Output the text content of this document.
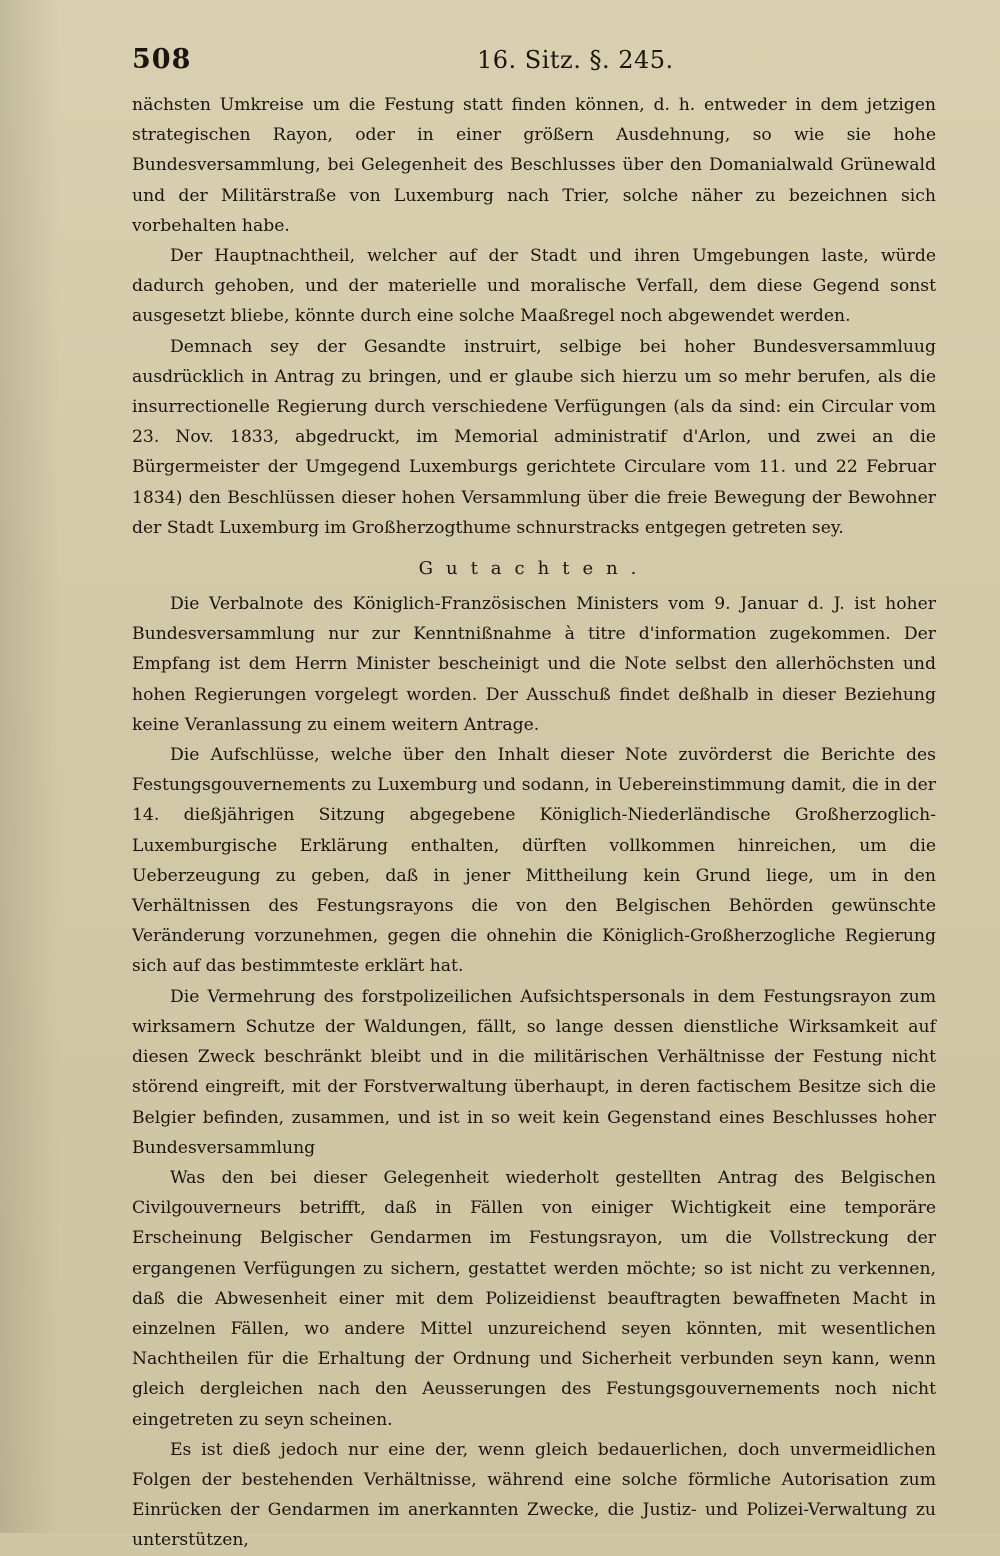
508	16. Sitz. §. 245.

nächsten Umkreise um die Festung statt finden können, d. h. entweder in dem jetzigen strategischen Rayon, oder in einer größern Ausdehnung, so wie sie hohe Bundesversammlung, bei Gelegenheit des Beschlusses über den Domanialwald Grünewald und der Militärstraße von Luxemburg nach Trier, solche näher zu bezeichnen sich vorbehalten habe.

Der Hauptnachtheil, welcher auf der Stadt und ihren Umgebungen laste, würde dadurch gehoben, und der materielle und moralische Verfall, dem diese Gegend sonst ausgesetzt bliebe, könnte durch eine solche Maaßregel noch abgewendet werden.

Demnach sey der Gesandte instruirt, selbige bei hoher Bundesversammluug ausdrücklich in Antrag zu bringen, und er glaube sich hierzu um so mehr berufen, als die insurrectionelle Regierung durch verschiedene Verfügungen (als da sind: ein Circular vom 23. Nov. 1833, abgedruckt, im Memorial administratif d'Arlon, und zwei an die Bürgermeister der Umgegend Luxemburgs gerichtete Circulare vom 11. und 22 Februar 1834) den Beschlüssen dieser hohen Versammlung über die freie Bewegung der Bewohner der Stadt Luxemburg im Großherzogthume schnurstracks entgegen getreten sey.

Gutachten.

Die Verbalnote des Königlich-Französischen Ministers vom 9. Januar d. J. ist hoher Bundesversammlung nur zur Kenntnißnahme à titre d'information zugekommen. Der Empfang ist dem Herrn Minister bescheinigt und die Note selbst den allerhöchsten und hohen Regierungen vorgelegt worden. Der Ausschuß findet deßhalb in dieser Beziehung keine Veranlassung zu einem weitern Antrage.

Die Aufschlüsse, welche über den Inhalt dieser Note zuvörderst die Berichte des Festungsgouvernements zu Luxemburg und sodann, in Uebereinstimmung damit, die in der 14. dießjährigen Sitzung abgegebene Königlich-Niederländische Großherzoglich-Luxemburgische Erklärung enthalten, dürften vollkommen hinreichen, um die Ueberzeugung zu geben, daß in jener Mittheilung kein Grund liege, um in den Verhältnissen des Festungsrayons die von den Belgischen Behörden gewünschte Veränderung vorzunehmen, gegen die ohnehin die Königlich-Großherzogliche Regierung sich auf das bestimmteste erklärt hat.

Die Vermehrung des forstpolizeilichen Aufsichtspersonals in dem Festungsrayon zum wirksamern Schutze der Waldungen, fällt, so lange dessen dienstliche Wirksamkeit auf diesen Zweck beschränkt bleibt und in die militärischen Verhältnisse der Festung nicht störend eingreift, mit der Forstverwaltung überhaupt, in deren factischem Besitze sich die Belgier befinden, zusammen, und ist in so weit kein Gegenstand eines Beschlusses hoher Bundesversammlung

Was den bei dieser Gelegenheit wiederholt gestellten Antrag des Belgischen Civilgouverneurs betrifft, daß in Fällen von einiger Wichtigkeit eine temporäre Erscheinung Belgischer Gendarmen im Festungsrayon, um die Vollstreckung der ergangenen Verfügungen zu sichern, gestattet werden möchte; so ist nicht zu verkennen, daß die Abwesenheit einer mit dem Polizeidienst beauftragten bewaffneten Macht in einzelnen Fällen, wo andere Mittel unzureichend seyen könnten, mit wesentlichen Nachtheilen für die Erhaltung der Ordnung und Sicherheit verbunden seyn kann, wenn gleich dergleichen nach den Aeusserungen des Festungsgouvernements noch nicht eingetreten zu seyn scheinen.

Es ist dieß jedoch nur eine der, wenn gleich bedauerlichen, doch unvermeidlichen Folgen der bestehenden Verhältnisse, während eine solche förmliche Autorisation zum Einrücken der Gendarmen im anerkannten Zwecke, die Justiz- und Polizei-Verwaltung zu unterstützen,
